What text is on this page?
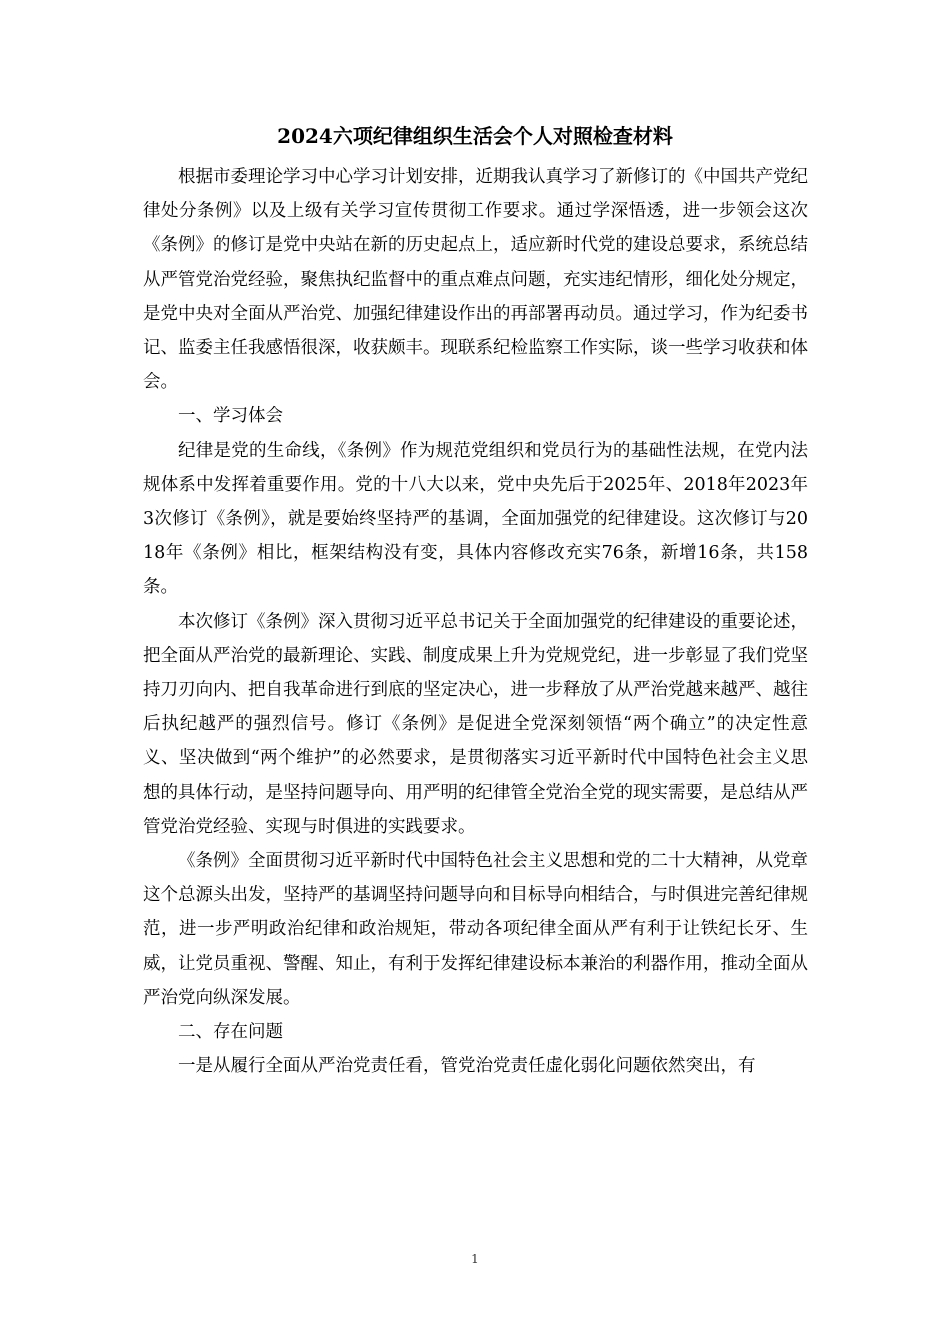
2024六项纪律组织生活会个人对照检查材料

根据市委理论学习中心学习计划安排，近期我认真学习了新修订的《中国共产党纪律处分条例》以及上级有关学习宣传贯彻工作要求。通过学深悟透，进一步领会这次《条例》的修订是党中央站在新的历史起点上，适应新时代党的建设总要求，系统总结从严管党治党经验，聚焦执纪监督中的重点难点问题，充实违纪情形，细化处分规定，是党中央对全面从严治党、加强纪律建设作出的再部署再动员。通过学习，作为纪委书记、监委主任我感悟很深，收获颇丰。现联系纪检监察工作实际，谈一些学习收获和体会。

一、学习体会

纪律是党的生命线，《条例》作为规范党组织和党员行为的基础性法规，在党内法规体系中发挥着重要作用。党的十八大以来，党中央先后于2025年、2018年2023年3次修订《条例》，就是要始终坚持严的基调，全面加强党的纪律建设。这次修订与2018年《条例》相比，框架结构没有变，具体内容修改充实76条，新增16条，共158条。

本次修订《条例》深入贯彻习近平总书记关于全面加强党的纪律建设的重要论述，把全面从严治党的最新理论、实践、制度成果上升为党规党纪，进一步彰显了我们党坚持刀刃向内、把自我革命进行到底的坚定决心，进一步释放了从严治党越来越严、越往后执纪越严的强烈信号。修订《条例》是促进全党深刻领悟“两个确立”的决定性意义、坚决做到“两个维护”的必然要求，是贯彻落实习近平新时代中国特色社会主义思想的具体行动，是坚持问题导向、用严明的纪律管全党治全党的现实需要，是总结从严管党治党经验、实现与时俱进的实践要求。

《条例》全面贯彻习近平新时代中国特色社会主义思想和党的二十大精神，从党章这个总源头出发，坚持严的基调坚持问题导向和目标导向相结合，与时俱进完善纪律规范，进一步严明政治纪律和政治规矩，带动各项纪律全面从严有利于让铁纪长牙、生威，让党员重视、警醒、知止，有利于发挥纪律建设标本兼治的利器作用，推动全面从严治党向纵深发展。

二、存在问题

一是从履行全面从严治党责任看，管党治党责任虚化弱化问题依然突出，有

1
